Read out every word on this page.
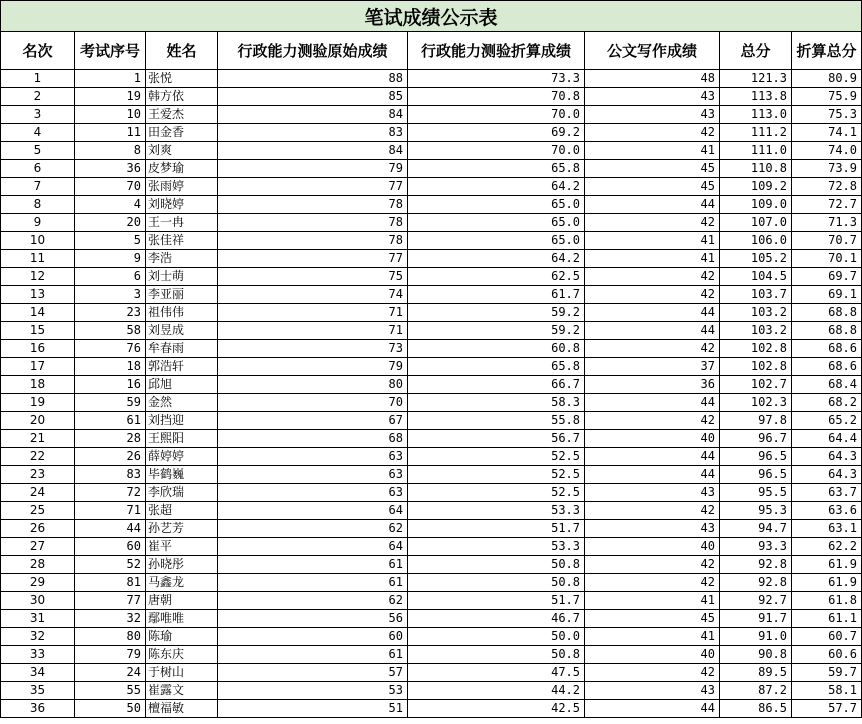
笔试成绩公示表
名次	考试序号	姓名	行政能力测验原始成绩	行政能力测验折算成绩	公文写作成绩	总分	折算总分
1	1	张悦	88	73.3	48	121.3	80.9
2	19	韩方依	85	70.8	43	113.8	75.9
3	10	王爱杰	84	70.0	43	113.0	75.3
4	11	田金香	83	69.2	42	111.2	74.1
5	8	刘爽	84	70.0	41	111.0	74.0
6	36	皮梦瑜	79	65.8	45	110.8	73.9
7	70	张雨婷	77	64.2	45	109.2	72.8
8	4	刘晓婷	78	65.0	44	109.0	72.7
9	20	王一冉	78	65.0	42	107.0	71.3
10	5	张佳祥	78	65.0	41	106.0	70.7
11	9	李浩	77	64.2	41	105.2	70.1
12	6	刘士萌	75	62.5	42	104.5	69.7
13	3	李亚丽	74	61.7	42	103.7	69.1
14	23	祖伟伟	71	59.2	44	103.2	68.8
15	58	刘昱成	71	59.2	44	103.2	68.8
16	76	牟春雨	73	60.8	42	102.8	68.6
17	18	郭浩轩	79	65.8	37	102.8	68.6
18	16	邱旭	80	66.7	36	102.7	68.4
19	59	金然	70	58.3	44	102.3	68.2
20	61	刘挡迎	67	55.8	42	97.8	65.2
21	28	王熙阳	68	56.7	40	96.7	64.4
22	26	薛婷婷	63	52.5	44	96.5	64.3
23	83	毕鹤巍	63	52.5	44	96.5	64.3
24	72	李欣瑞	63	52.5	43	95.5	63.7
25	71	张超	64	53.3	42	95.3	63.6
26	44	孙艺芳	62	51.7	43	94.7	63.1
27	60	崔平	64	53.3	40	93.3	62.2
28	52	孙晓彤	61	50.8	42	92.8	61.9
29	81	马鑫龙	61	50.8	42	92.8	61.9
30	77	唐朝	62	51.7	41	92.7	61.8
31	32	鄢唯唯	56	46.7	45	91.7	61.1
32	80	陈瑜	60	50.0	41	91.0	60.7
33	79	陈东庆	61	50.8	40	90.8	60.6
34	24	于树山	57	47.5	42	89.5	59.7
35	55	崔露文	53	44.2	43	87.2	58.1
36	50	檀福敏	51	42.5	44	86.5	57.7
